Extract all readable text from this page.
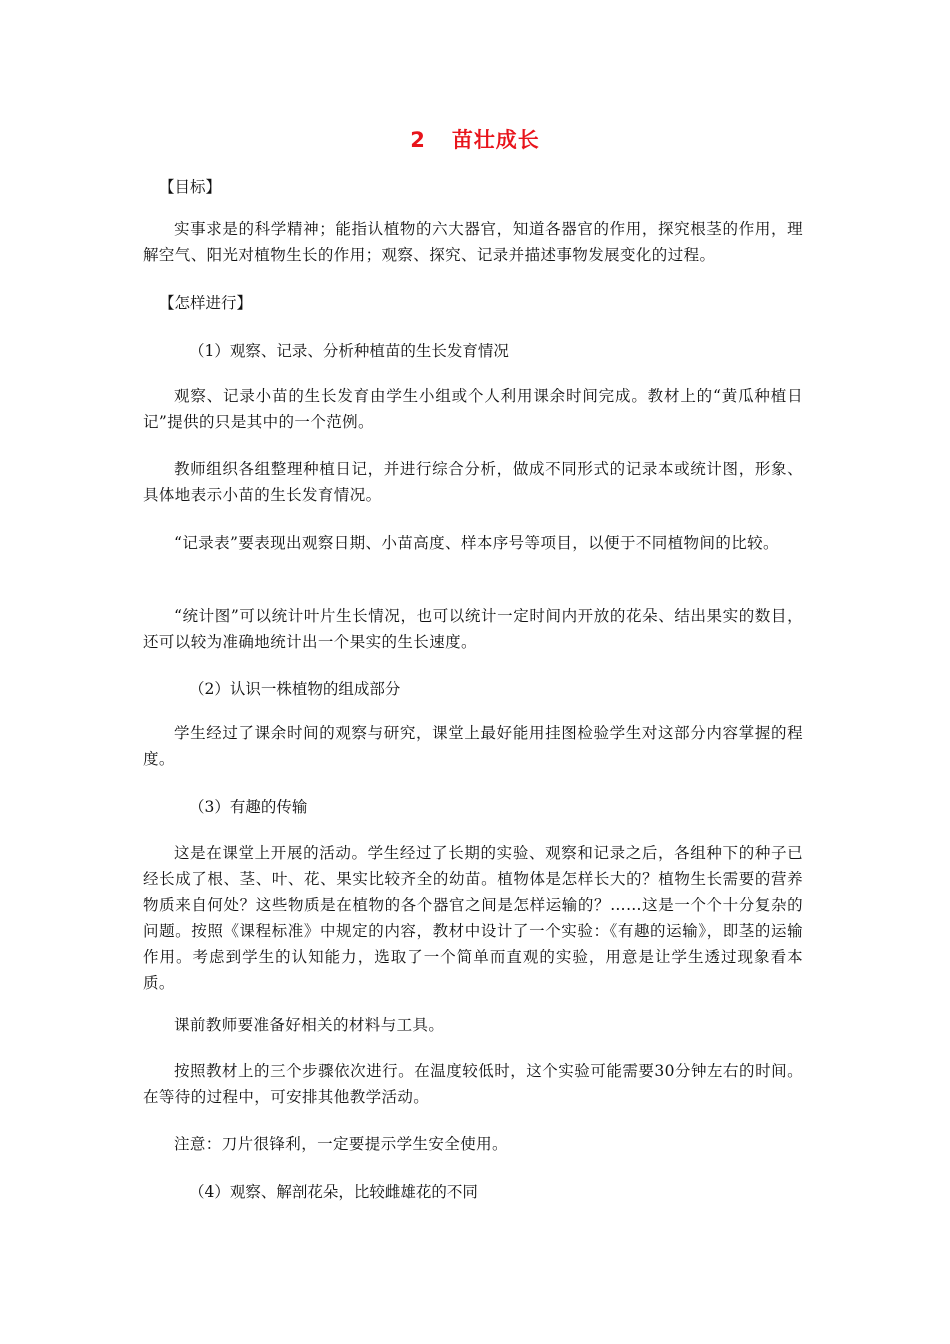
2 苗壮成长
【目标】
实事求是的科学精神；能指认植物的六大器官，知道各器官的作用，探究根茎的作用，理解空气、阳光对植物生长的作用；观察、探究、记录并描述事物发展变化的过程。
【怎样进行】
（1）观察、记录、分析种植苗的生长发育情况
观察、记录小苗的生长发育由学生小组或个人利用课余时间完成。教材上的“黄瓜种植日记”提供的只是其中的一个范例。
教师组织各组整理种植日记，并进行综合分析，做成不同形式的记录本或统计图，形象、具体地表示小苗的生长发育情况。
“记录表”要表现出观察日期、小苗高度、样本序号等项目，以便于不同植物间的比较。
“统计图”可以统计叶片生长情况，也可以统计一定时间内开放的花朵、结出果实的数目，还可以较为准确地统计出一个果实的生长速度。
（2）认识一株植物的组成部分
学生经过了课余时间的观察与研究，课堂上最好能用挂图检验学生对这部分内容掌握的程度。
（3）有趣的传输
这是在课堂上开展的活动。学生经过了长期的实验、观察和记录之后，各组种下的种子已经长成了根、茎、叶、花、果实比较齐全的幼苗。植物体是怎样长大的？植物生长需要的营养物质来自何处？这些物质是在植物的各个器官之间是怎样运输的？……这是一个个十分复杂的问题。按照《课程标准》中规定的内容，教材中设计了一个实验：《有趣的运输》，即茎的运输作用。考虑到学生的认知能力，选取了一个简单而直观的实验，用意是让学生透过现象看本质。
课前教师要准备好相关的材料与工具。
按照教材上的三个步骤依次进行。在温度较低时，这个实验可能需要30分钟左右的时间。在等待的过程中，可安排其他教学活动。
注意：刀片很锋利，一定要提示学生安全使用。
（4）观察、解剖花朵，比较雌雄花的不同
